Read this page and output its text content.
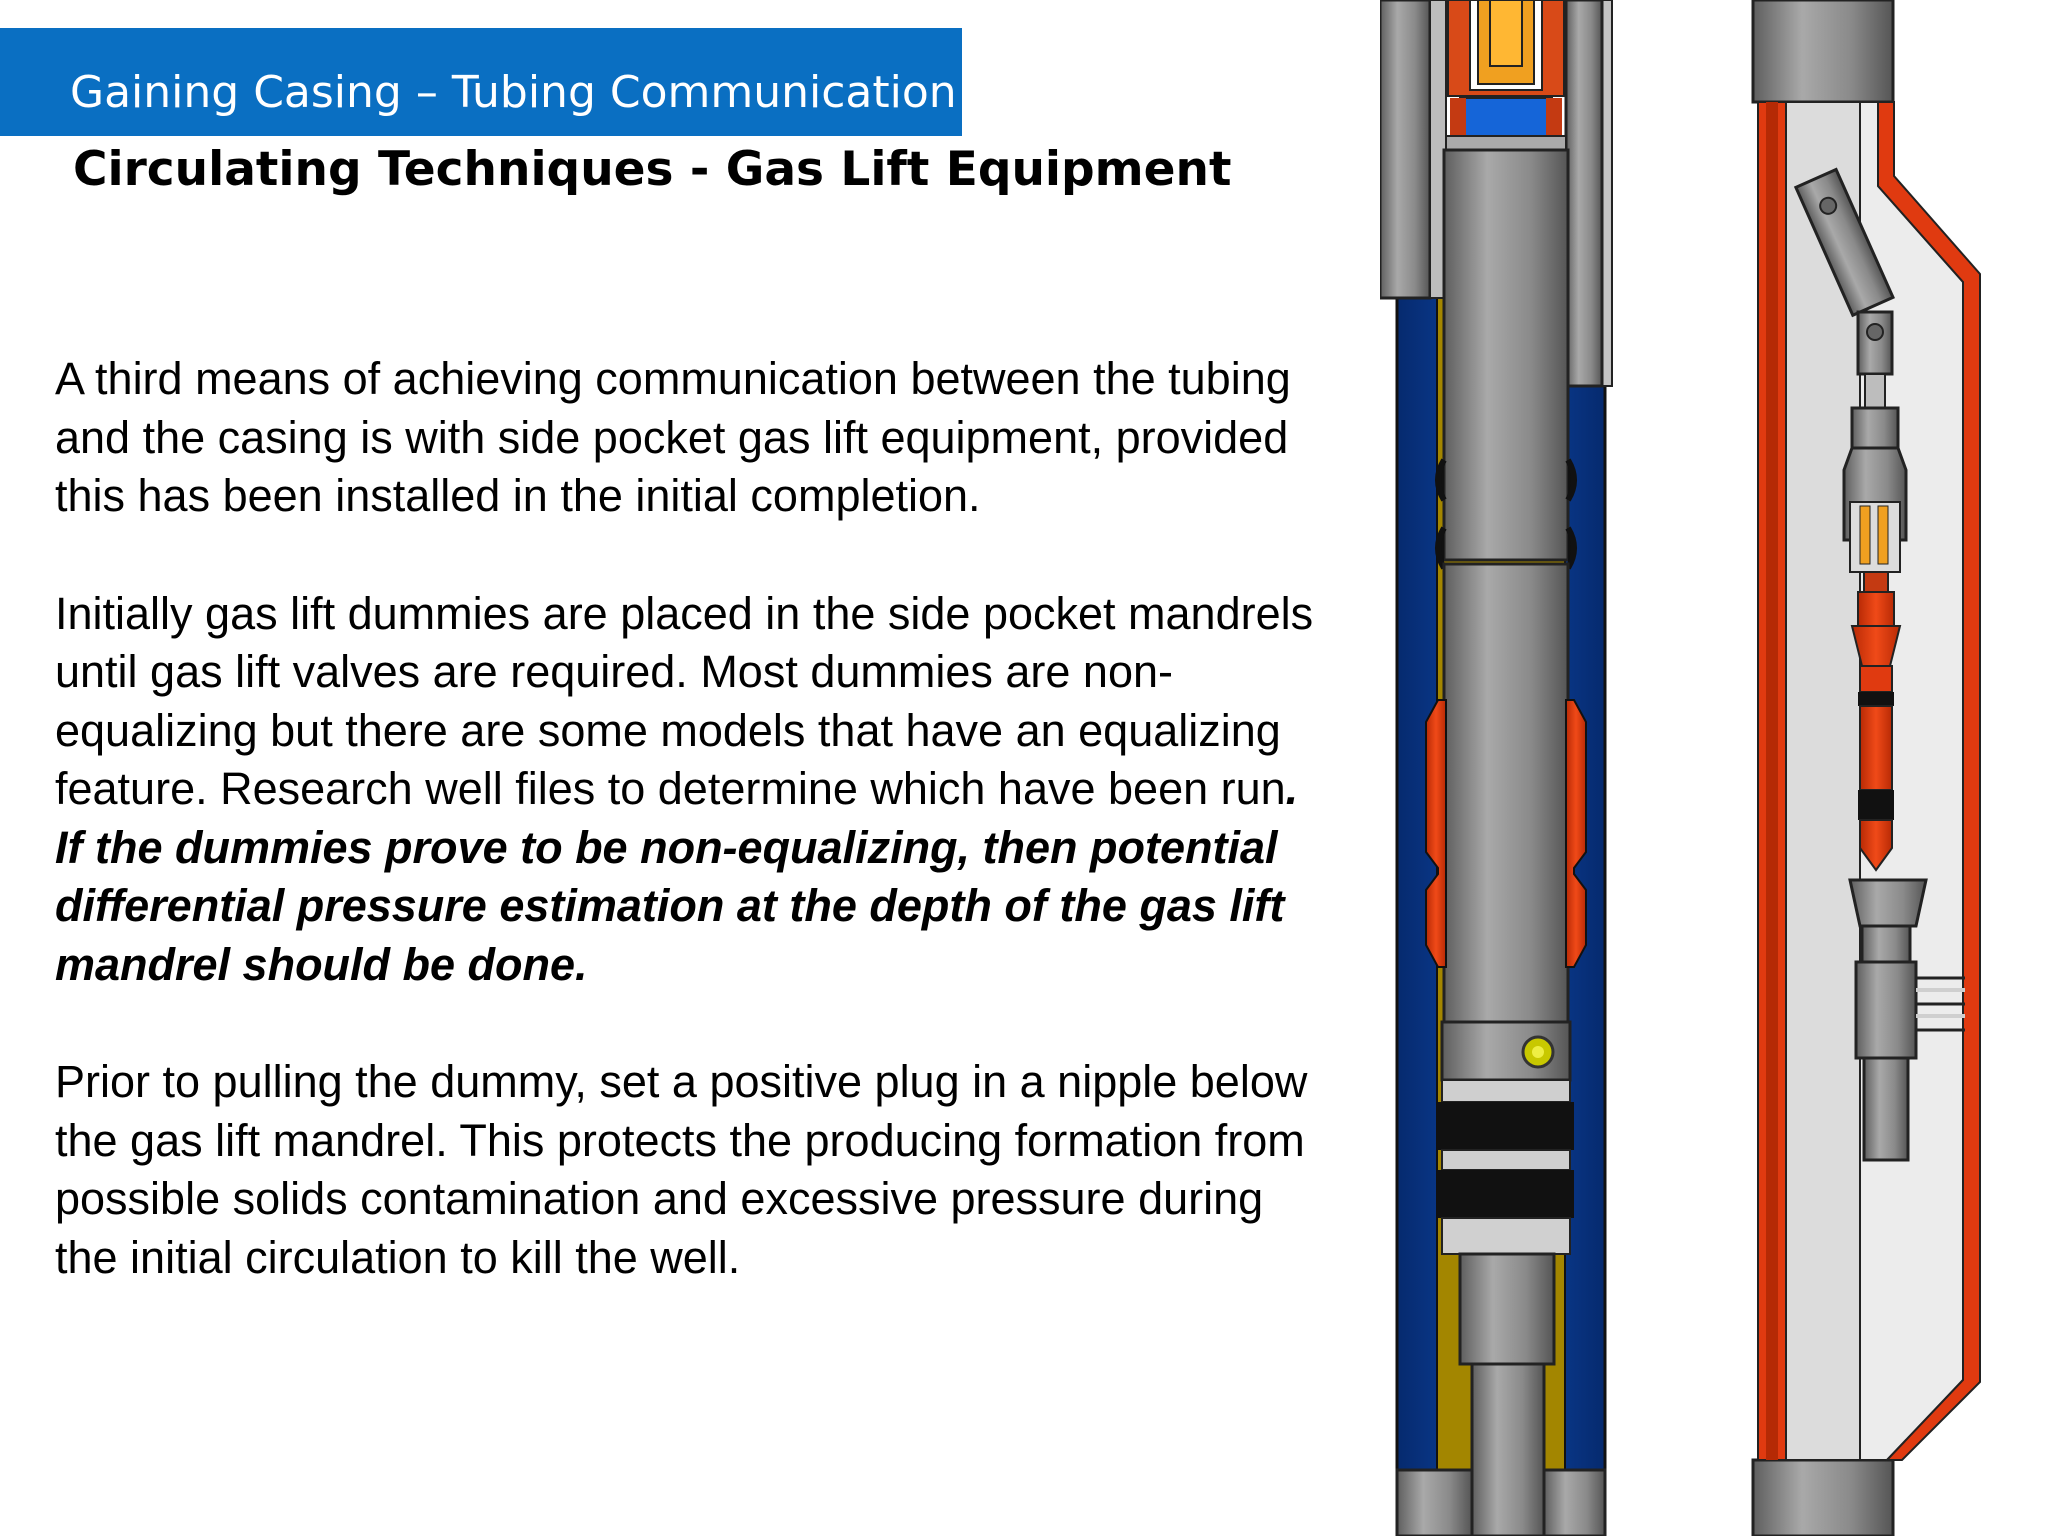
Gaining Casing – Tubing Communication
Circulating Techniques - Gas Lift Equipment

A third means of achieving communication between the tubing and the casing is with side pocket gas lift equipment, provided this has been installed in the initial completion.

Initially gas lift dummies are placed in the side pocket mandrels until gas lift valves are required. Most dummies are non-equalizing but there are some models that have an equalizing feature. Research well files to determine which have been run. If the dummies prove to be non-equalizing, then potential differential pressure estimation at the depth of the gas lift mandrel should be done.

Prior to pulling the dummy, set a positive plug in a nipple below the gas lift mandrel. This protects the producing formation from possible solids contamination and excessive pressure during the initial circulation to kill the well.
